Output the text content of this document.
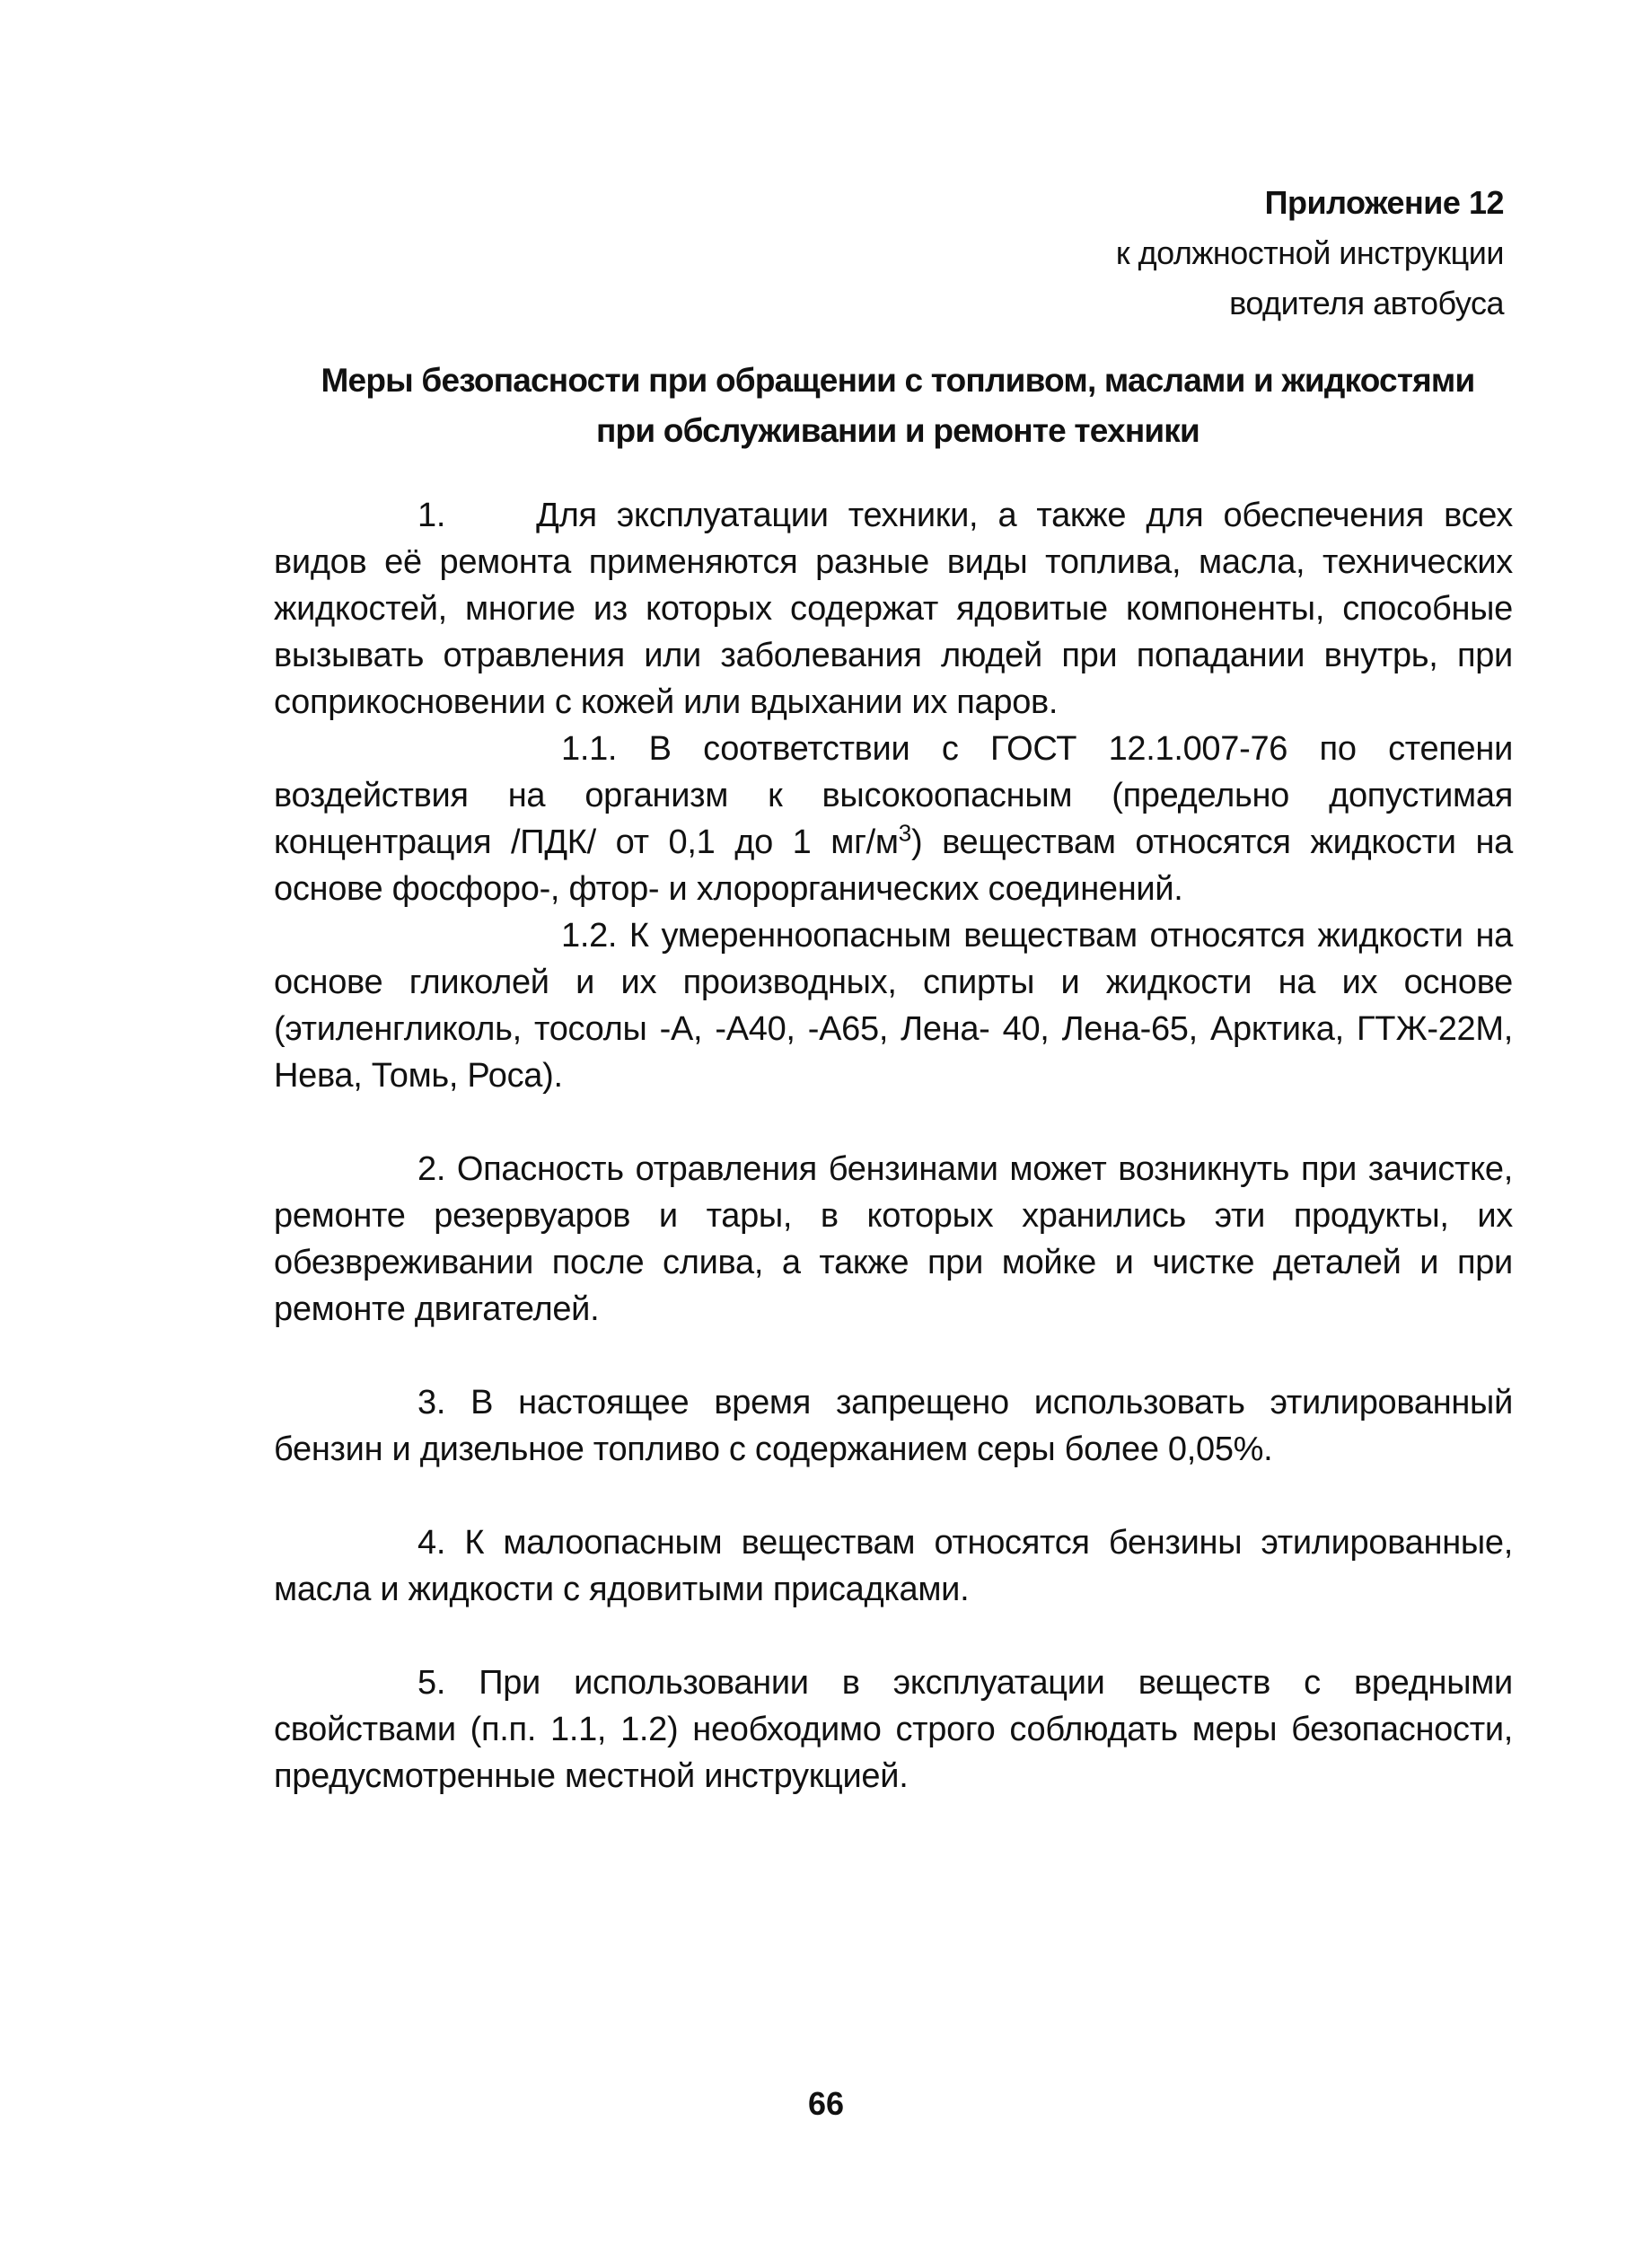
Приложение 12
к должностной инструкции
водителя автобуса
Меры безопасности при обращении с топливом, маслами и жидкостями
при обслуживании и ремонте техники

1.	Для эксплуатации техники, а также для обеспечения всех видов её ремонта применяются разные виды топлива, масла, технических жидкостей, многие из которых содержат ядовитые компоненты, способные вызывать отравления или заболевания людей при попадании внутрь, при соприкосновении с кожей или вдыхании их паров.

1.1. В соответствии с ГОСТ 12.1.007-76 по степени воздействия на организм к высокоопасным (предельно допустимая концентрация /ПДК/ от 0,1 до 1 $мг/м^3$) веществам относятся жидкости на основе фосфоро-, фтор- и хлорорганических соединений.

1.2. К умеренноопасным веществам относятся жидкости на основе гликолей и их производных, спирты и жидкости на их основе (этиленгликоль, тосолы -А, -А40, -А65, Лена- 40, Лена-65, Арктика, ГТЖ-22М, Нева, Томь, Роса).

2. Опасность отравления бензинами может возникнуть при зачистке, ремонте резервуаров и тары, в которых хранились эти продукты, их обезвреживании после слива, а также при мойке и чистке деталей и при ремонте двигателей.

3. В настоящее время запрещено использовать этилированный бензин и дизельное топливо с содержанием серы более 0,05%.

4. К малоопасным веществам относятся бензины этилированные, масла и жидкости с ядовитыми присадками.

5. При использовании в эксплуатации веществ с вредными свойствами (п.п. 1.1, 1.2) необходимо строго соблюдать меры безопасности, предусмотренные местной инструкцией.

66
